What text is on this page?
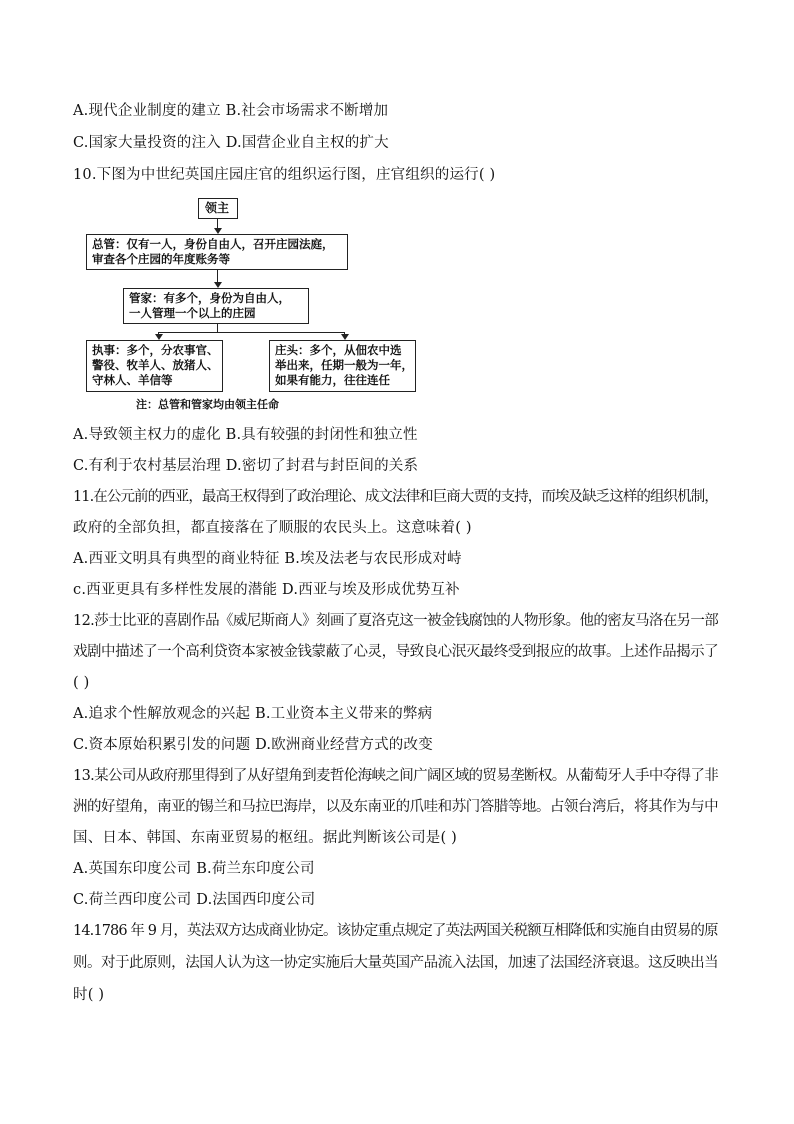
A.现代企业制度的建立 B.社会市场需求不断增加
C.国家大量投资的注入 D.国营企业自主权的扩大
10.下图为中世纪英国庄园庄官的组织运行图，庄官组织的运行( )
领主
总管：仅有一人，身份自由人，召开庄园法庭，
审查各个庄园的年度账务等
管家：有多个，身份为自由人，
一人管理一个以上的庄园
执事：多个，分农事官、
警役、牧羊人、放猪人、
守林人、羊信等
庄头：多个，从佃农中选
举出来，任期一般为一年，
如果有能力，往往连任
注：总管和管家均由领主任命
A.导致领主权力的虚化 B.具有较强的封闭性和独立性
C.有利于农村基层治理 D.密切了封君与封臣间的关系
11.在公元前的西亚，最高王权得到了政治理论、成文法律和巨商大贾的支持，而埃及缺乏这样的组织机制，
政府的全部负担，都直接落在了顺服的农民头上。这意味着( )
A.西亚文明具有典型的商业特征 B.埃及法老与农民形成对峙
c.西亚更具有多样性发展的潜能 D.西亚与埃及形成优势互补
12.莎士比亚的喜剧作品《威尼斯商人》刻画了夏洛克这一被金钱腐蚀的人物形象。他的密友马洛在另一部
戏剧中描述了一个高利贷资本家被金钱蒙蔽了心灵，导致良心泯灭最终受到报应的故事。上述作品揭示了
( )
A.追求个性解放观念的兴起 B.工业资本主义带来的弊病
C.资本原始积累引发的问题 D.欧洲商业经营方式的改变
13.某公司从政府那里得到了从好望角到麦哲伦海峡之间广阔区域的贸易垄断权。从葡萄牙人手中夺得了非
洲的好望角，南亚的锡兰和马拉巴海岸，以及东南亚的爪哇和苏门答腊等地。占领台湾后，将其作为与中
国、日本、韩国、东南亚贸易的枢纽。据此判断该公司是( )
A.英国东印度公司 B.荷兰东印度公司
C.荷兰西印度公司 D.法国西印度公司
14.1786 年 9 月，英法双方达成商业协定。该协定重点规定了英法两国关税额互相降低和实施自由贸易的原
则。对于此原则，法国人认为这一协定实施后大量英国产品流入法国，加速了法国经济衰退。这反映出当
时( )
